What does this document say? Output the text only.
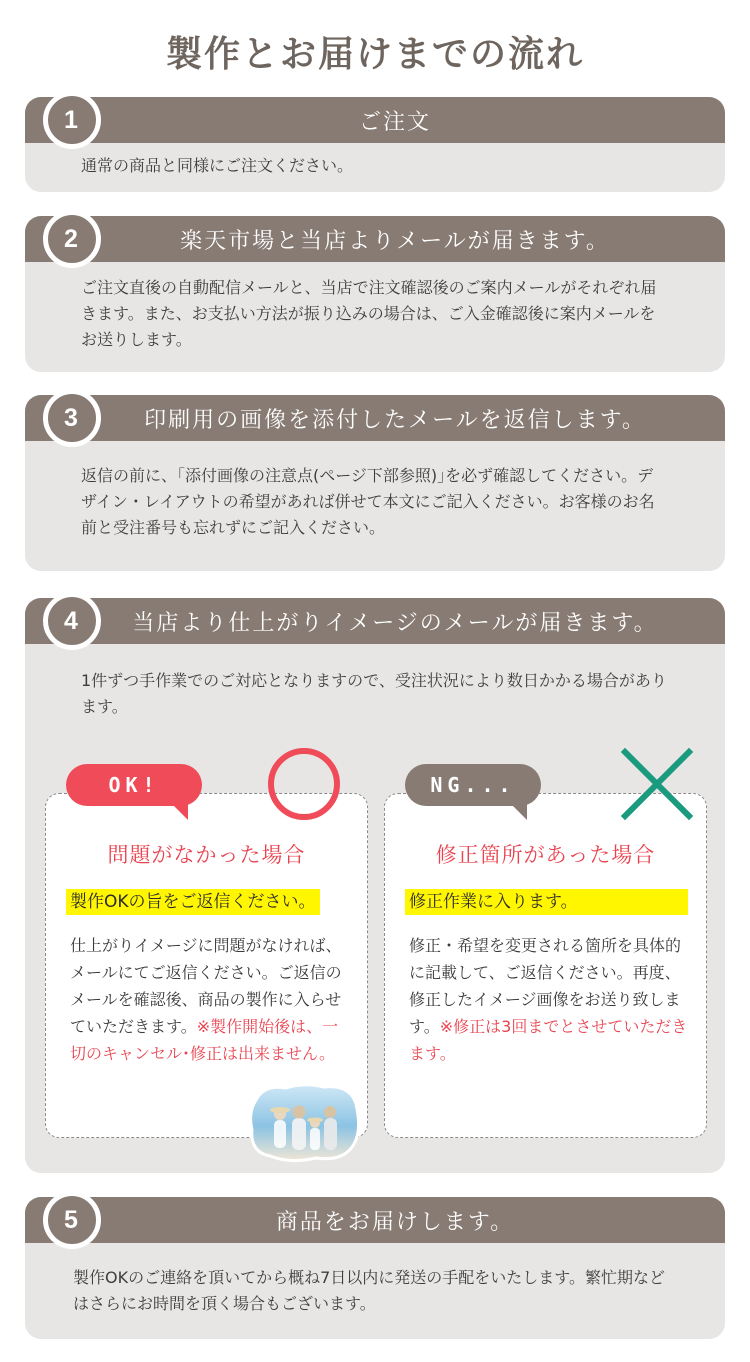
製作とお届けまでの流れ
1	ご注文
通常の商品と同様にご注文ください。
2	楽天市場と当店よりメールが届きます。
ご注文直後の自動配信メールと、当店で注文確認後のご案内メールがそれぞれ届きます。また、お支払い方法が振り込みの場合は、ご入金確認後に案内メールをお送りします。
3	印刷用の画像を添付したメールを返信します。
返信の前に、｢添付画像の注意点(ページ下部参照)｣を必ず確認してください。デザイン・レイアウトの希望があれば併せて本文にご記入ください。お客様のお名前と受注番号も忘れずにご記入ください。
4	当店より仕上がりイメージのメールが届きます。
1件ずつ手作業でのご対応となりますので、受注状況により数日かかる場合があります。
OK!
問題がなかった場合
製作OKの旨をご返信ください。
仕上がりイメージに問題がなければ、メールにてご返信ください。ご返信のメールを確認後、商品の製作に入らせていただきます。※製作開始後は、一切のキャンセル･修正は出来ません。
NG...
修正箇所があった場合
修正作業に入ります。
修正・希望を変更される箇所を具体的に記載して、ご返信ください。再度、修正したイメージ画像をお送り致します。※修正は3回までとさせていただきます。
5	商品をお届けします。
製作OKのご連絡を頂いてから概ね7日以内に発送の手配をいたします。繁忙期などはさらにお時間を頂く場合もございます。
